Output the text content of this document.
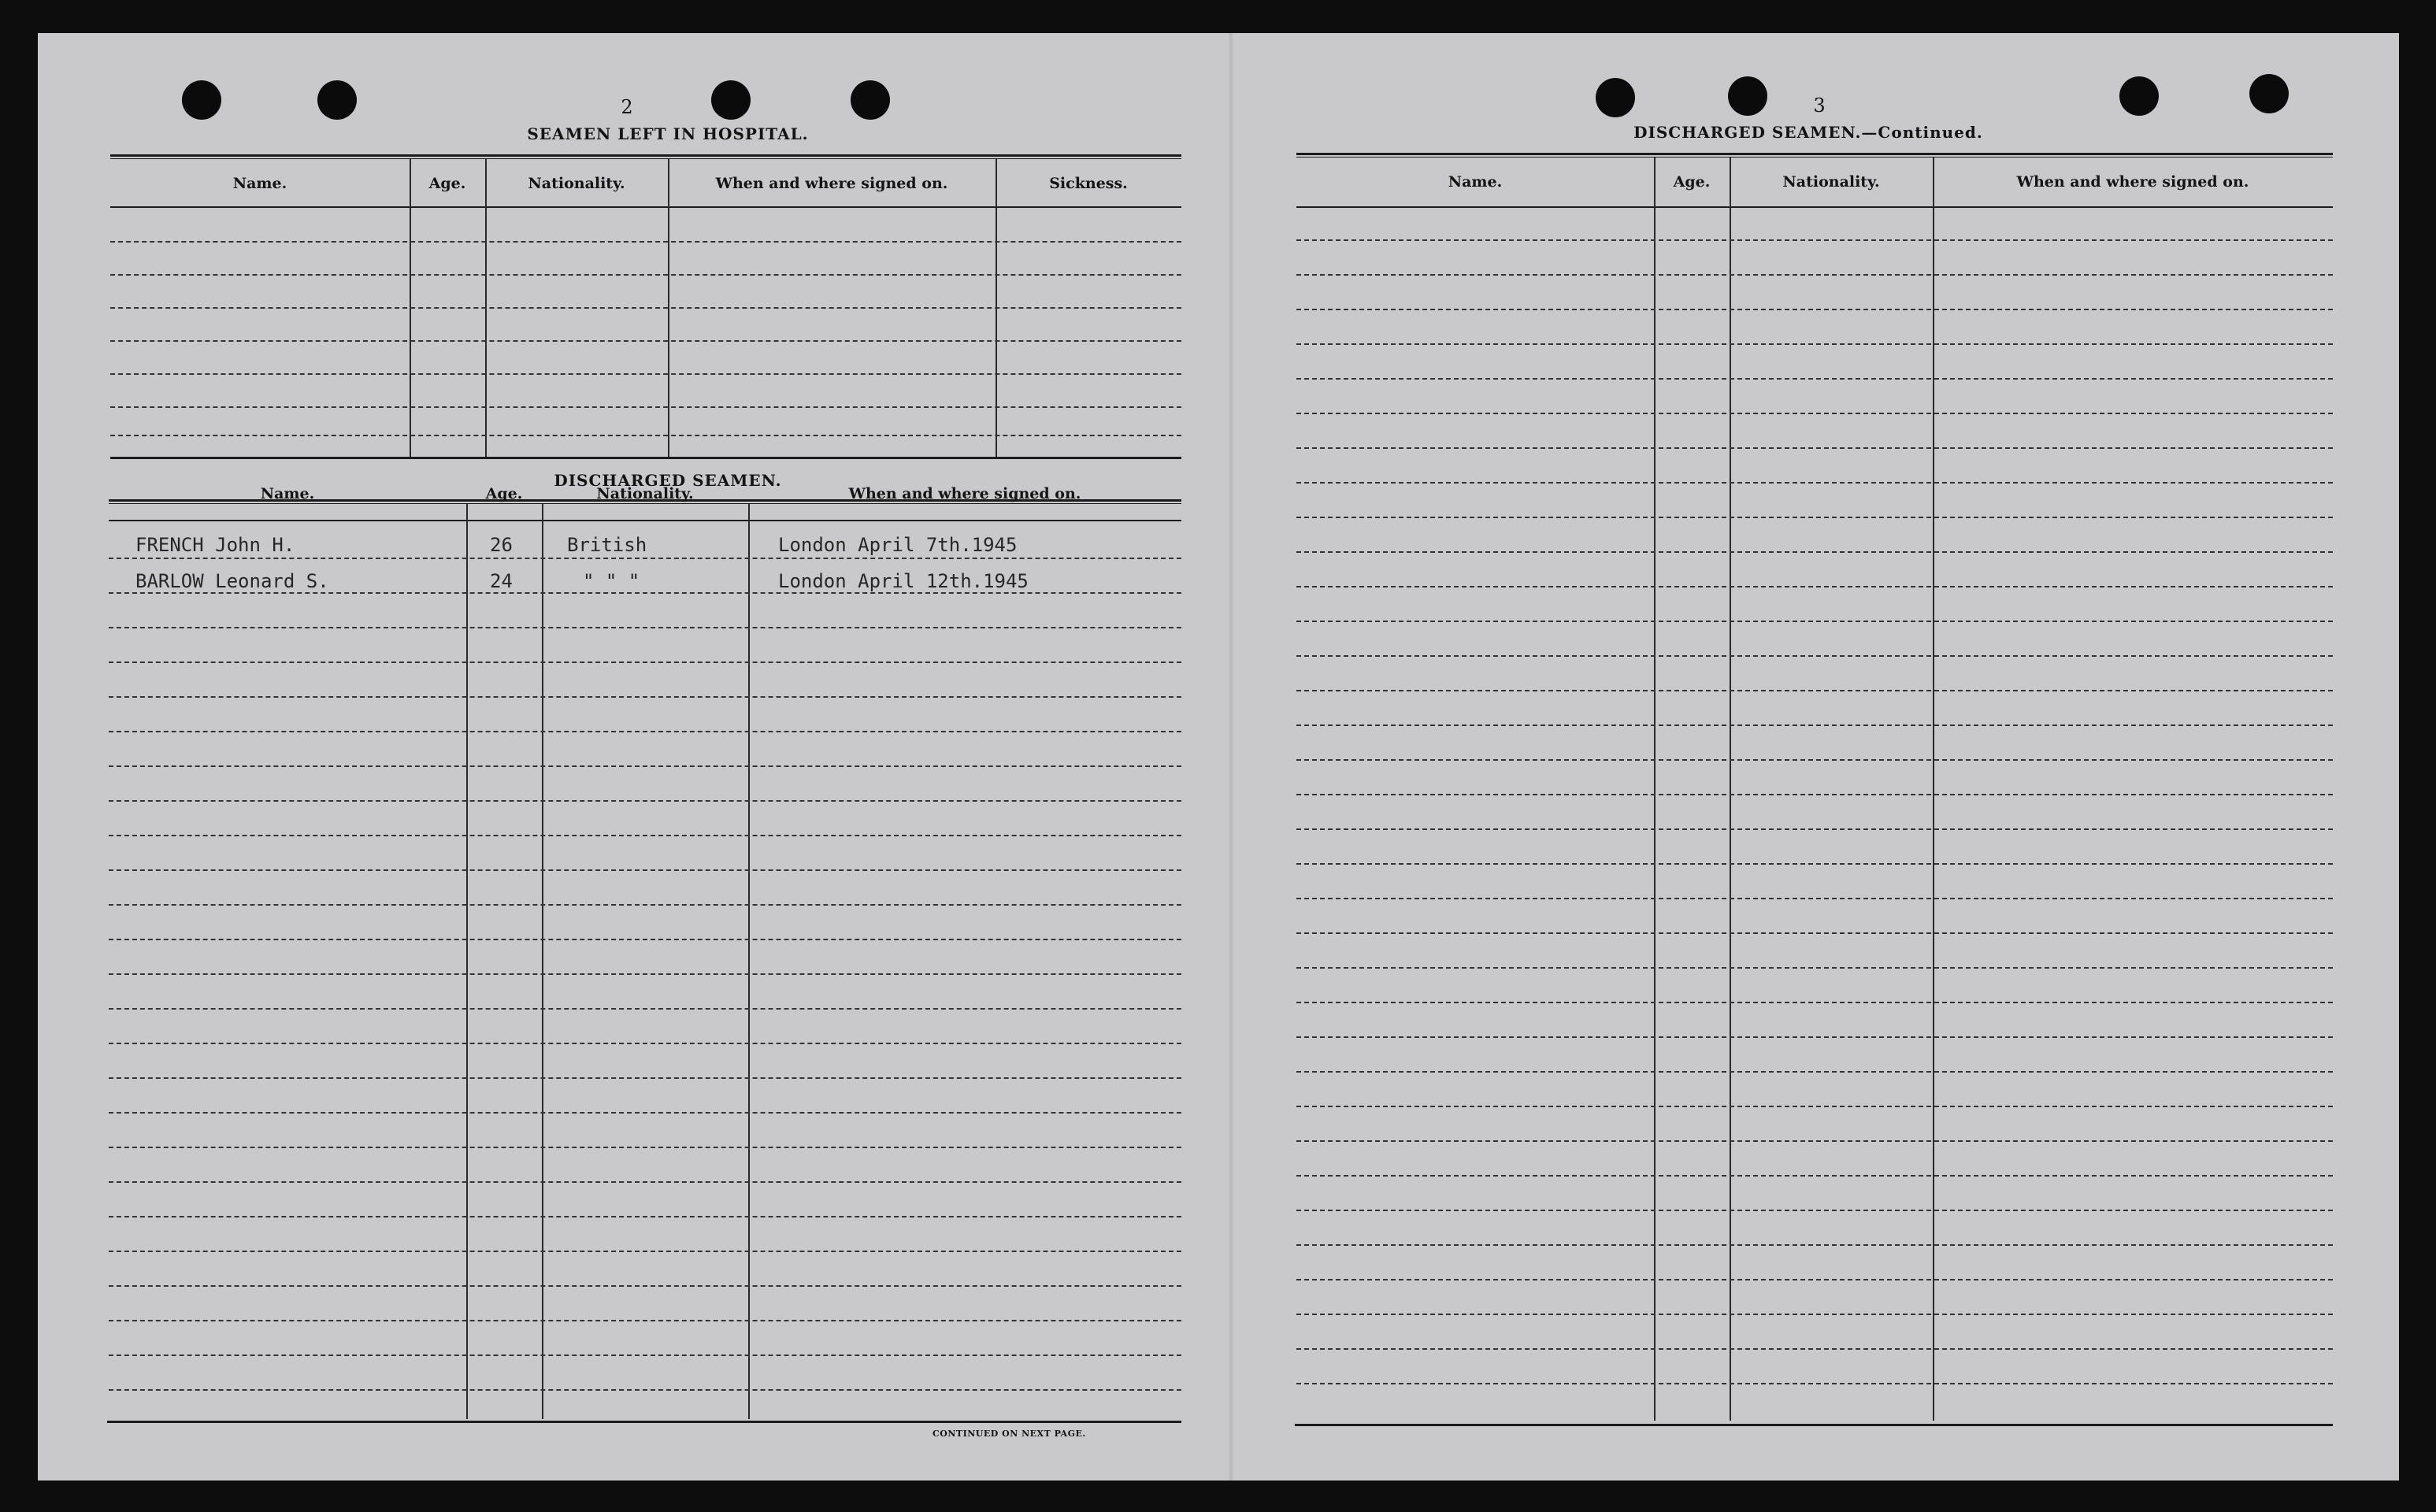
2
SEAMEN LEFT IN HOSPITAL.
Name.	Age.	Nationality.	When and where signed on.	Sickness.
DISCHARGED SEAMEN.
Name.	Age.	Nationality.	When and where signed on.
FRENCH John H.	26	British	London April 7th.1945
BARLOW Leonard S.	24	" " "	London April 12th.1945
CONTINUED ON NEXT PAGE.
3
DISCHARGED SEAMEN.—Continued.
Name.	Age.	Nationality.	When and where signed on.
